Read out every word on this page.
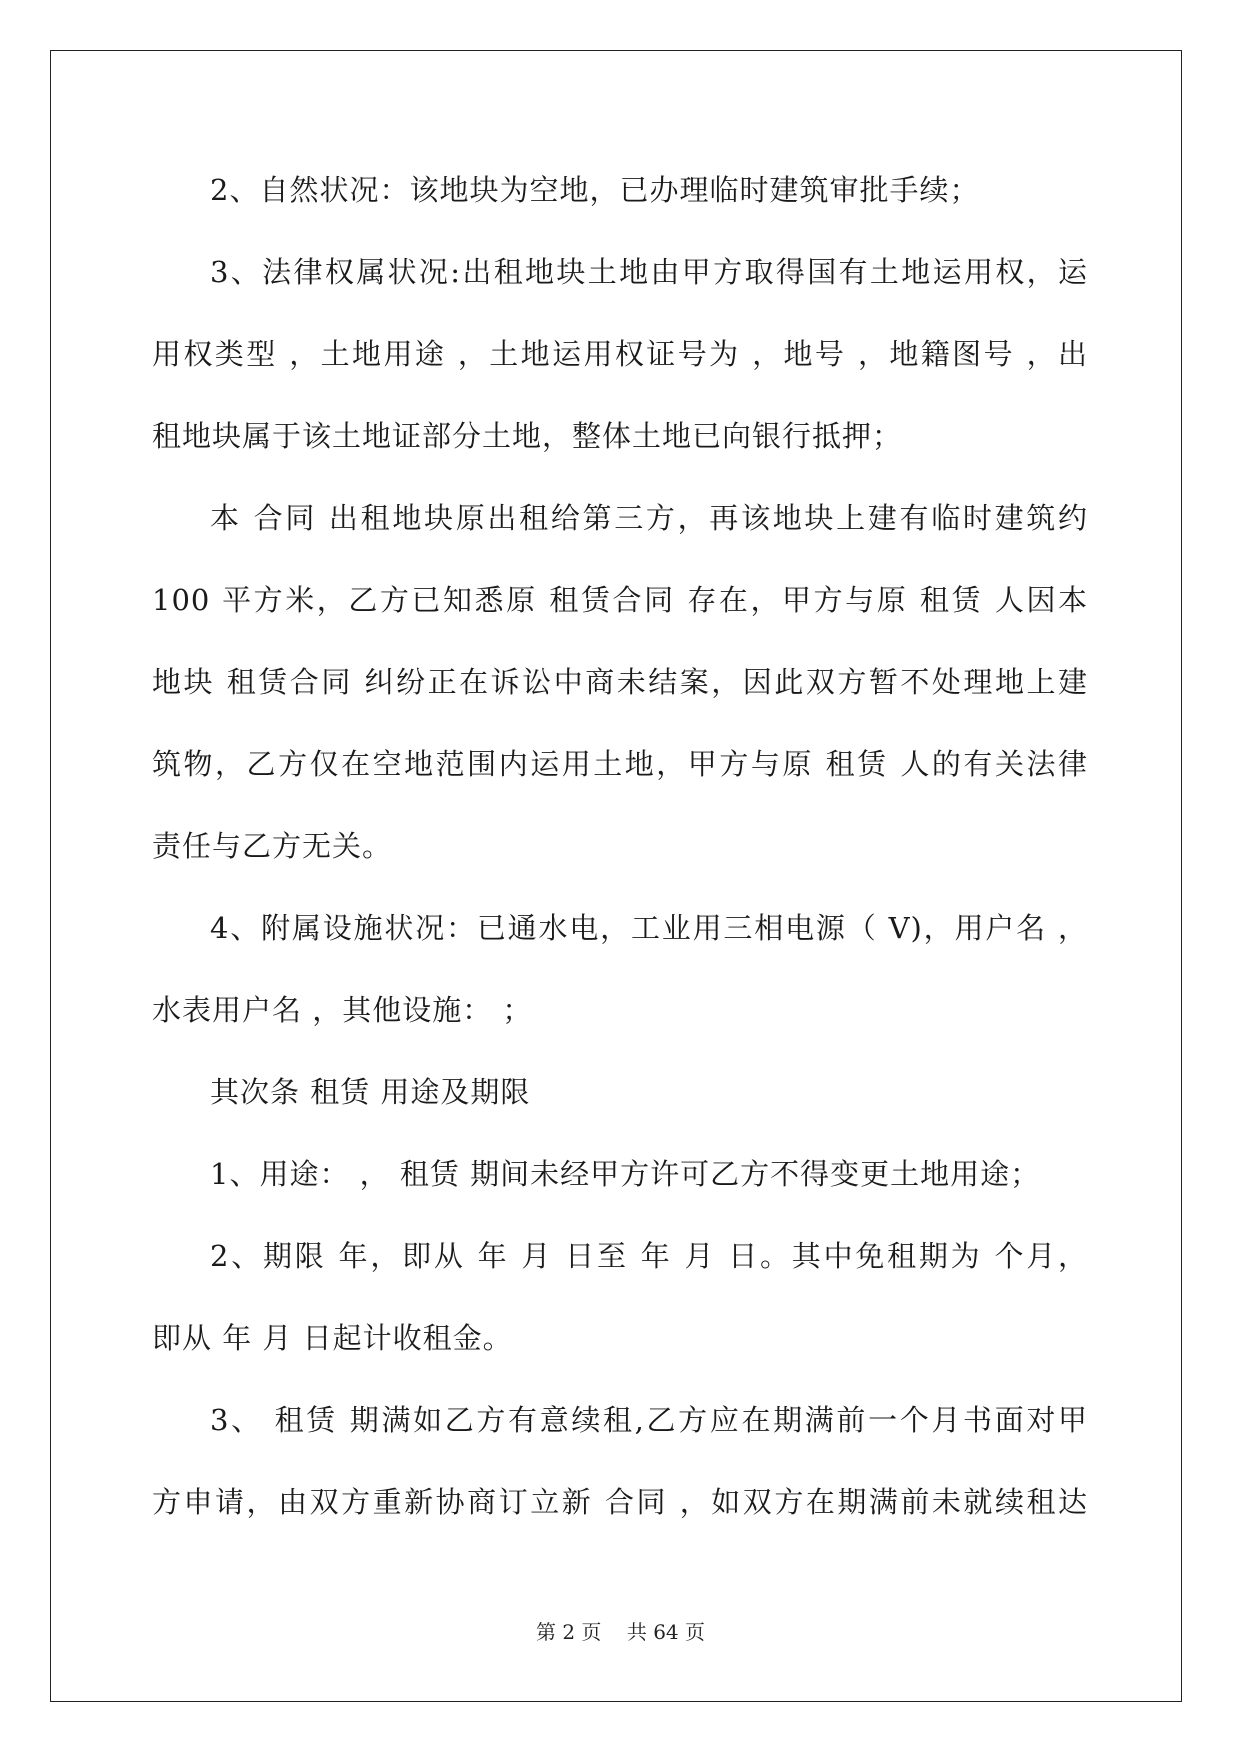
2、自然状况：该地块为空地，已办理临时建筑审批手续；
3、法律权属状况:出租地块土地由甲方取得国有土地运用权，运
用权类型 ，土地用途 ，土地运用权证号为 ，地号 ，地籍图号 ，出
租地块属于该土地证部分土地，整体土地已向银行抵押；
本 合同 出租地块原出租给第三方，再该地块上建有临时建筑约
100 平方米，乙方已知悉原 租赁合同 存在，甲方与原 租赁 人因本
地块 租赁合同 纠纷正在诉讼中商未结案，因此双方暂不处理地上建
筑物，乙方仅在空地范围内运用土地，甲方与原 租赁 人的有关法律
责任与乙方无关。
4、附属设施状况：已通水电，工业用三相电源（ V)，用户名 ，
水表用户名 ，其他设施： ；
其次条 租赁 用途及期限
1、用途： ， 租赁 期间未经甲方许可乙方不得变更土地用途；
2、期限 年，即从 年 月 日至 年 月 日。其中免租期为 个月，
即从 年 月 日起计收租金。
3、 租赁 期满如乙方有意续租,乙方应在期满前一个月书面对甲
方申请，由双方重新协商订立新 合同 ，如双方在期满前未就续租达
第 2 页    共 64 页
